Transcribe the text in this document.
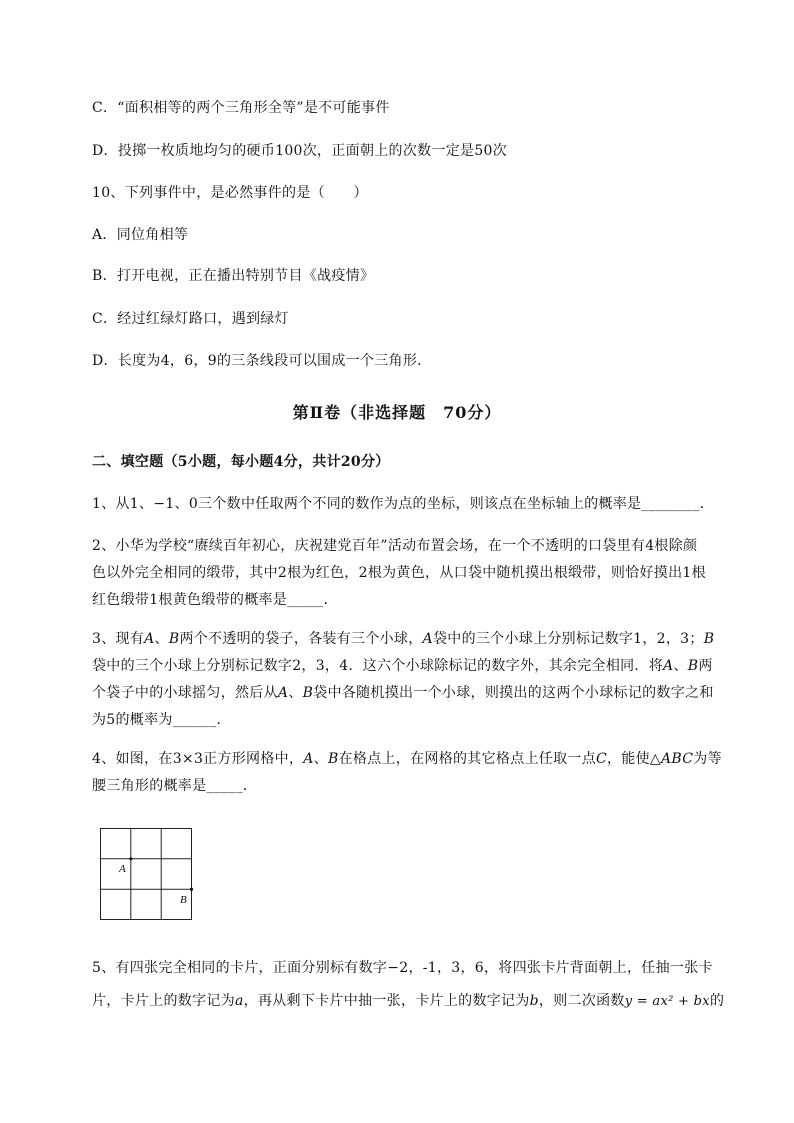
C．“面积相等的两个三角形全等”是不可能事件
D．投掷一枚质地均匀的硬币100次，正面朝上的次数一定是50次
10、下列事件中，是必然事件的是（　　）
A．同位角相等
B．打开电视，正在播出特别节目《战疫情》
C．经过红绿灯路口，遇到绿灯
D．长度为4，6，9的三条线段可以围成一个三角形．
第Ⅱ卷（非选择题　70分）
二、填空题（5小题，每小题4分，共计20分）
1、从1、−1、0三个数中任取两个不同的数作为点的坐标，则该点在坐标轴上的概率是________．
2、小华为学校“赓续百年初心，庆祝建党百年”活动布置会场，在一个不透明的口袋里有4根除颜
色以外完全相同的缎带，其中2根为红色，2根为黄色，从口袋中随机摸出根缎带，则恰好摸出1根
红色缎带1根黄色缎带的概率是_____．
3、现有A、B两个不透明的袋子，各装有三个小球，A袋中的三个小球上分别标记数字1，2，3；B
袋中的三个小球上分别标记数字2，3，4．这六个小球除标记的数字外，其余完全相同．将A、B两
个袋子中的小球摇匀，然后从A、B袋中各随机摸出一个小球，则摸出的这两个小球标记的数字之和
为5的概率为______．
4、如图，在3×3正方形网格中，A、B在格点上，在网格的其它格点上任取一点C，能使△ABC为等
腰三角形的概率是_____．
A
B
5、有四张完全相同的卡片，正面分别标有数字−2，-1，3，6，将四张卡片背面朝上，任抽一张卡
片，卡片上的数字记为a，再从剩下卡片中抽一张，卡片上的数字记为b，则二次函数y = ax² + bx的
